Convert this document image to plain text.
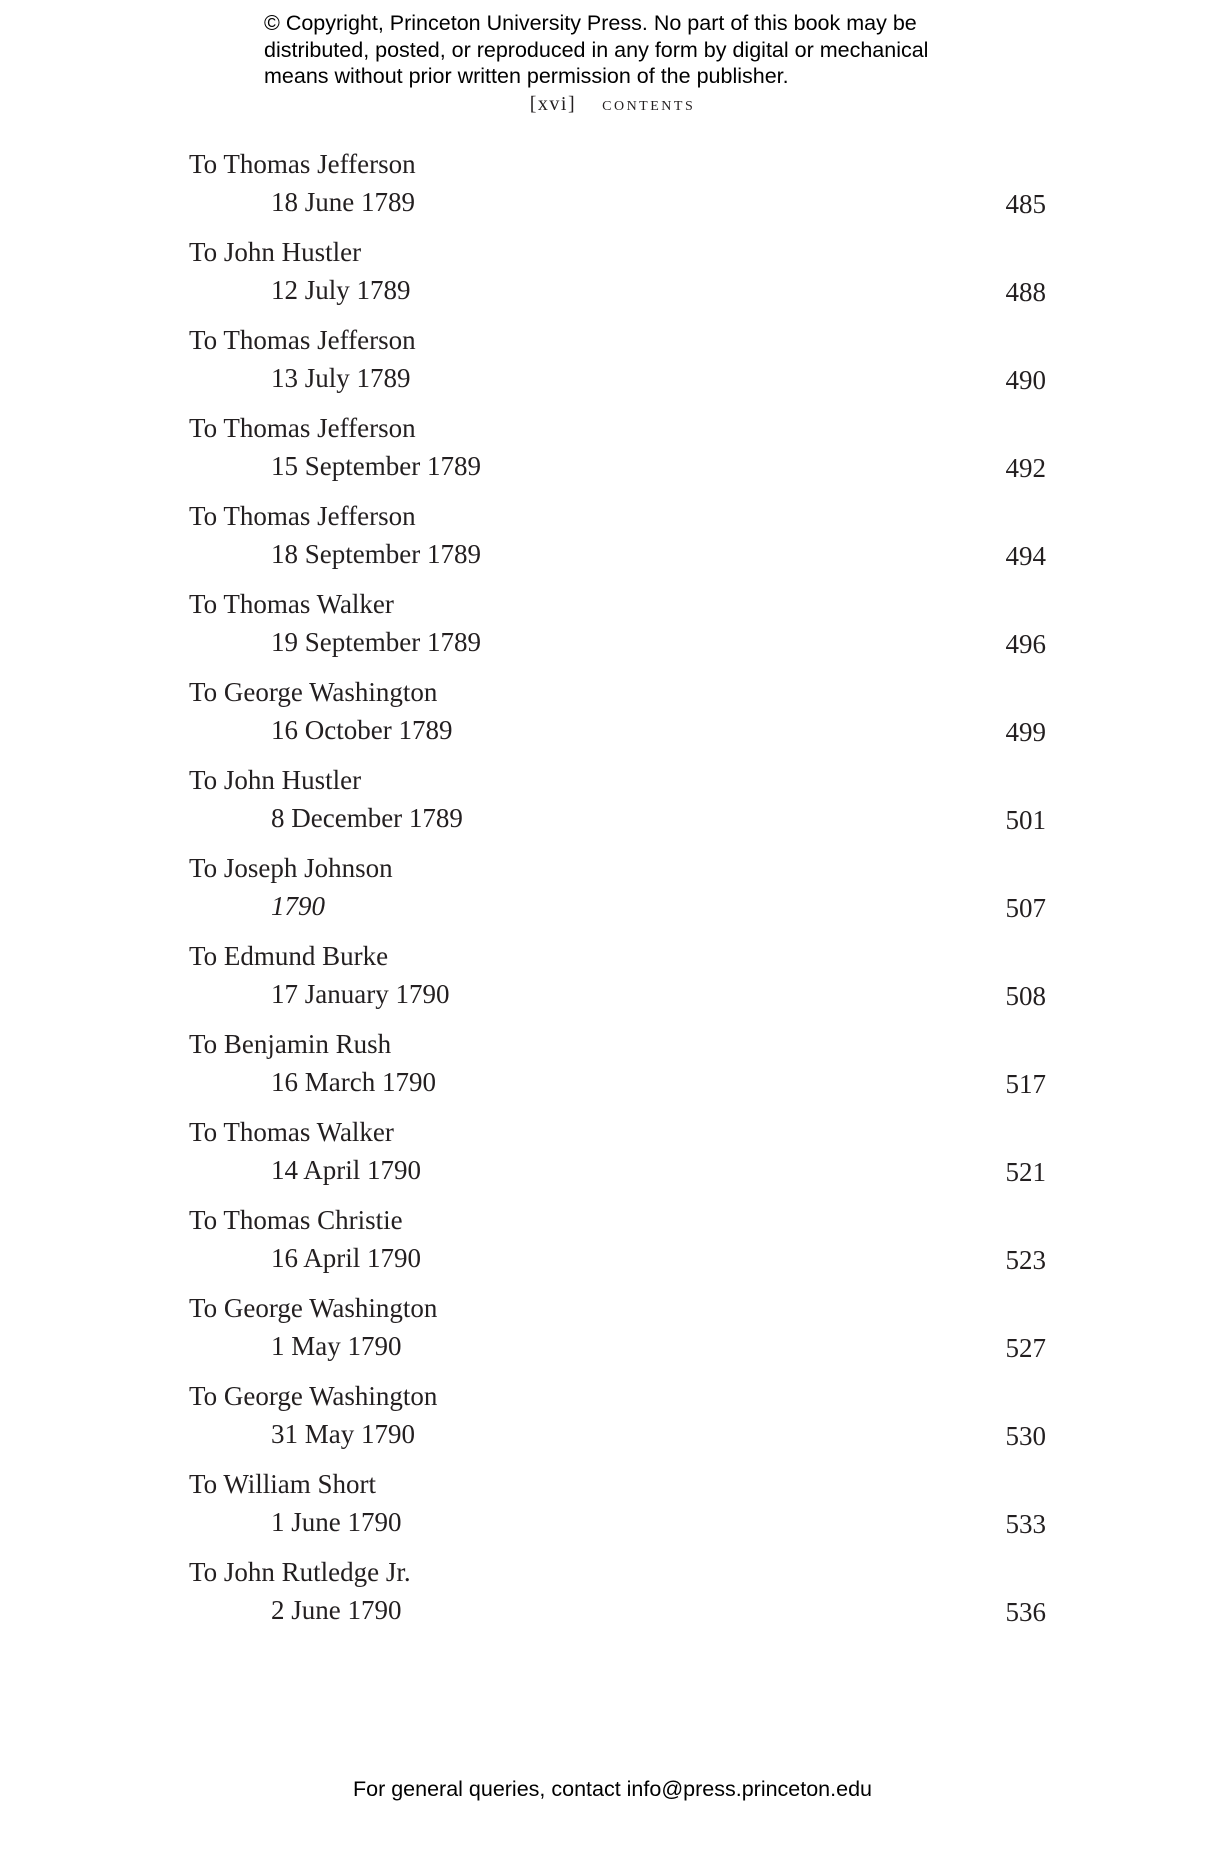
© Copyright, Princeton University Press. No part of this book may be
distributed, posted, or reproduced in any form by digital or mechanical
means without prior written permission of the publisher.
[xvi] contents
To Thomas Jefferson
18 June 1789	485
To John Hustler
12 July 1789	488
To Thomas Jefferson
13 July 1789	490
To Thomas Jefferson
15 September 1789	492
To Thomas Jefferson
18 September 1789	494
To Thomas Walker
19 September 1789	496
To George Washington
16 October 1789	499
To John Hustler
8 December 1789	501
To Joseph Johnson
1790	507
To Edmund Burke
17 January 1790	508
To Benjamin Rush
16 March 1790	517
To Thomas Walker
14 April 1790	521
To Thomas Christie
16 April 1790	523
To George Washington
1 May 1790	527
To George Washington
31 May 1790	530
To William Short
1 June 1790	533
To John Rutledge Jr.
2 June 1790	536
For general queries, contact info@press.princeton.edu
